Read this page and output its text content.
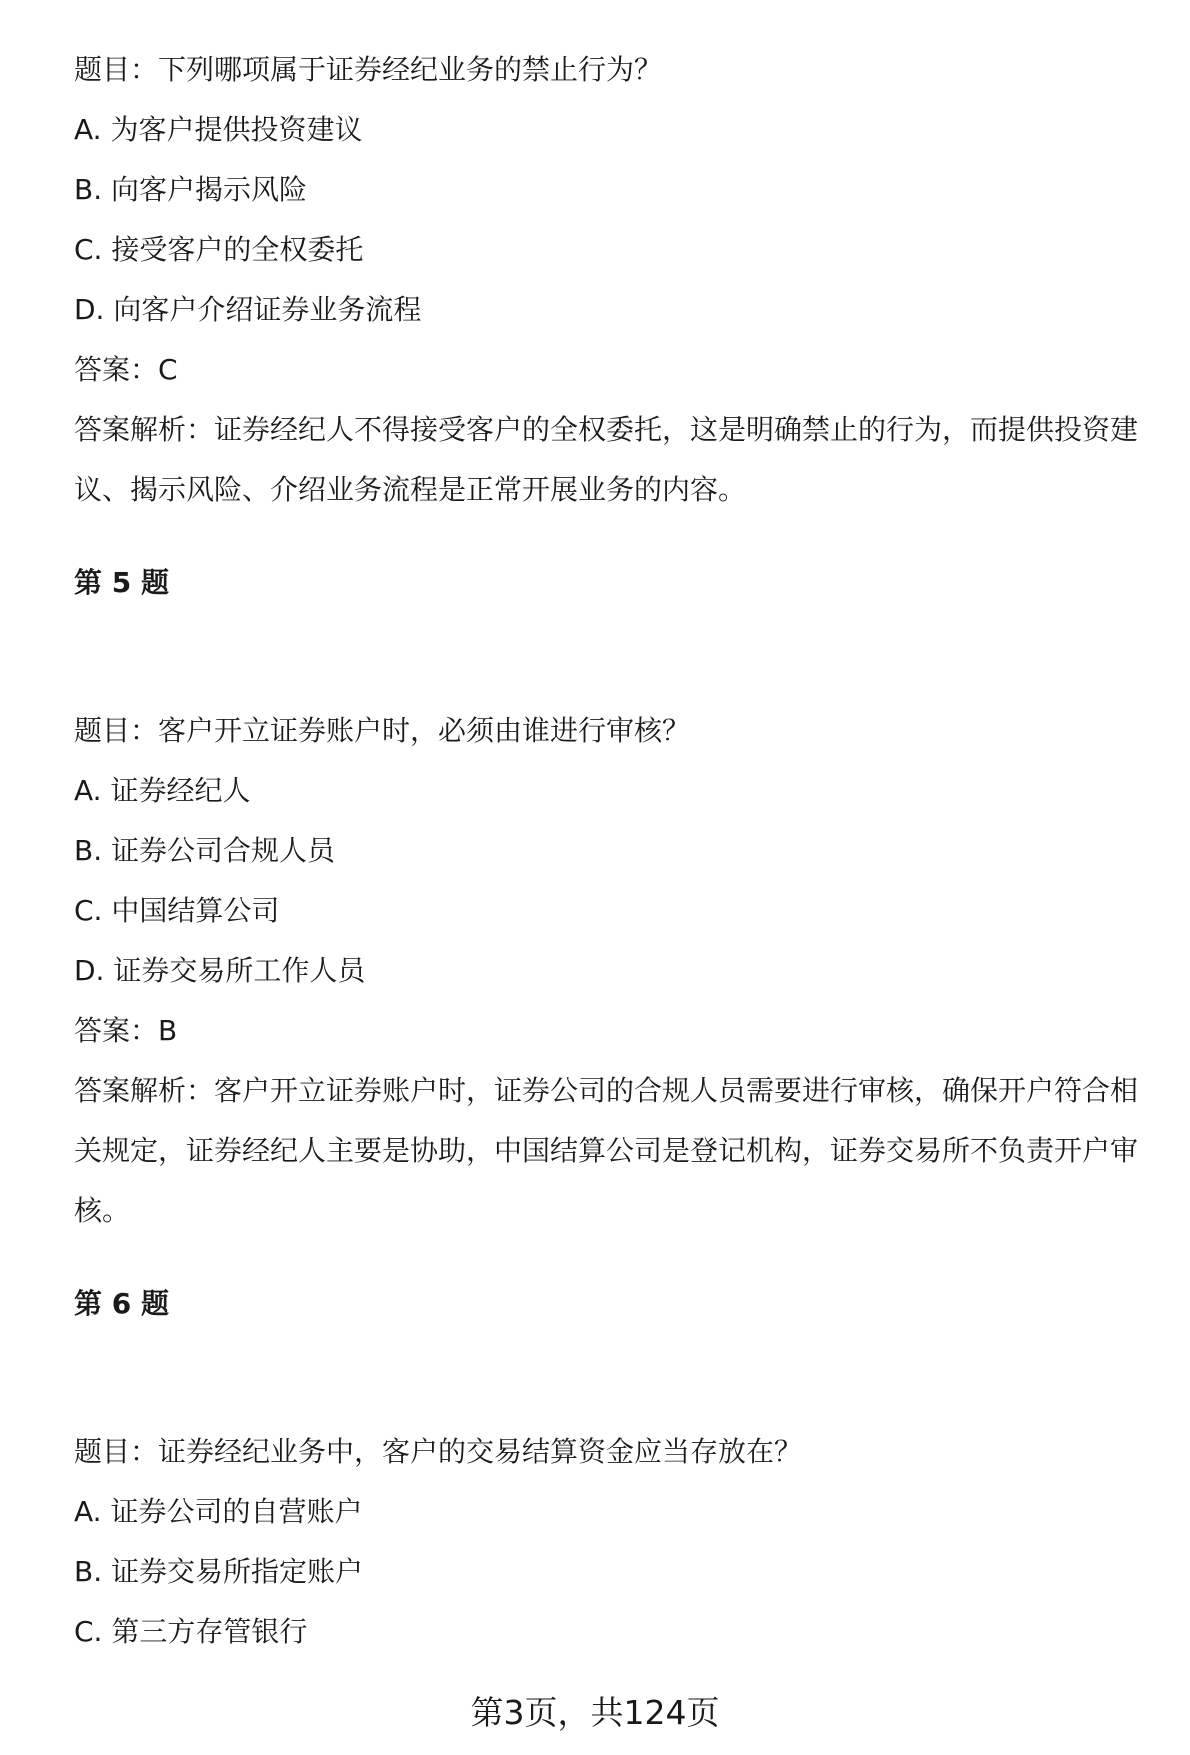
题目：下列哪项属于证券经纪业务的禁止行为？

A. 为客户提供投资建议

B. 向客户揭示风险

C. 接受客户的全权委托

D. 向客户介绍证券业务流程

答案：C

答案解析：证券经纪人不得接受客户的全权委托，这是明确禁止的行为，而提供投资建议、揭示风险、介绍业务流程是正常开展业务的内容。

第 5 题

题目：客户开立证券账户时，必须由谁进行审核？

A. 证券经纪人

B. 证券公司合规人员

C. 中国结算公司

D. 证券交易所工作人员

答案：B

答案解析：客户开立证券账户时，证券公司的合规人员需要进行审核，确保开户符合相关规定，证券经纪人主要是协助，中国结算公司是登记机构，证券交易所不负责开户审核。

第 6 题

题目：证券经纪业务中，客户的交易结算资金应当存放在？

A. 证券公司的自营账户

B. 证券交易所指定账户

C. 第三方存管银行

第3页，共124页
